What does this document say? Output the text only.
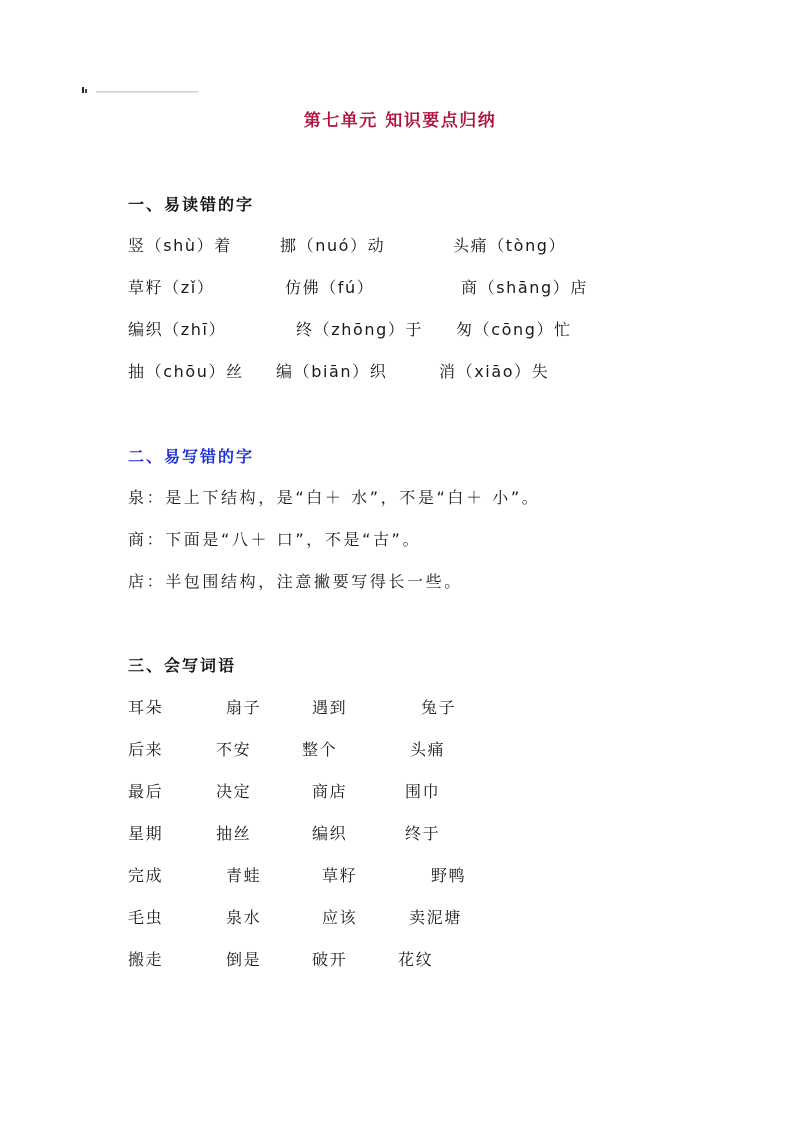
第七单元 知识要点归纳
一、易读错的字
竖（shù）着	挪（nuó）动	头痛（tòng）
草籽（zǐ）	仿佛（fú）	商（shāng）店
编织（zhī）	终（zhōng）于 匆（cōng）忙
抽（chōu）丝 编（biān）织	消（xiāo）失
二、易写错的字
泉：是上下结构，是“白＋ 水”，不是“白＋ 小”。
商：下面是“八＋ 口”，不是“古”。
店：半包围结构，注意撇要写得长一些。
三、会写词语
耳朵	扇子	遇到	兔子
后来	不安	整个	头痛
最后	决定	商店	围巾
星期	抽丝	编织	终于
完成	青蛙	草籽	野鸭
毛虫	泉水	应该	卖泥塘
搬走	倒是	破开	花纹
